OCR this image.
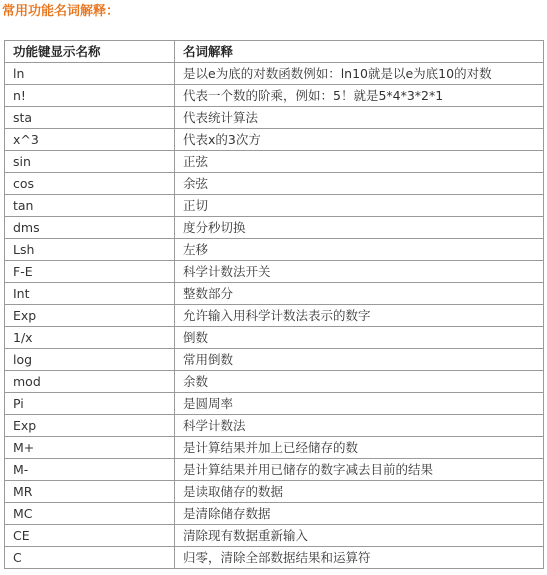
常用功能名词解释：
功能键显示名称	名词解释
ln	是以e为底的对数函数例如：ln10就是以e为底10的对数
n!	代表一个数的阶乘，例如：5！就是5*4*3*2*1
sta	代表统计算法
x^3	代表x的3次方
sin	正弦
cos	余弦
tan	正切
dms	度分秒切换
Lsh	左移
F-E	科学计数法开关
Int	整数部分
Exp	允许输入用科学计数法表示的数字
1/x	倒数
log	常用倒数
mod	余数
Pi	是圆周率
Exp	科学计数法
M+	是计算结果并加上已经储存的数
M-	是计算结果并用已储存的数字减去目前的结果
MR	是读取储存的数据
MC	是清除储存数据
CE	清除现有数据重新输入
C	归零，清除全部数据结果和运算符
